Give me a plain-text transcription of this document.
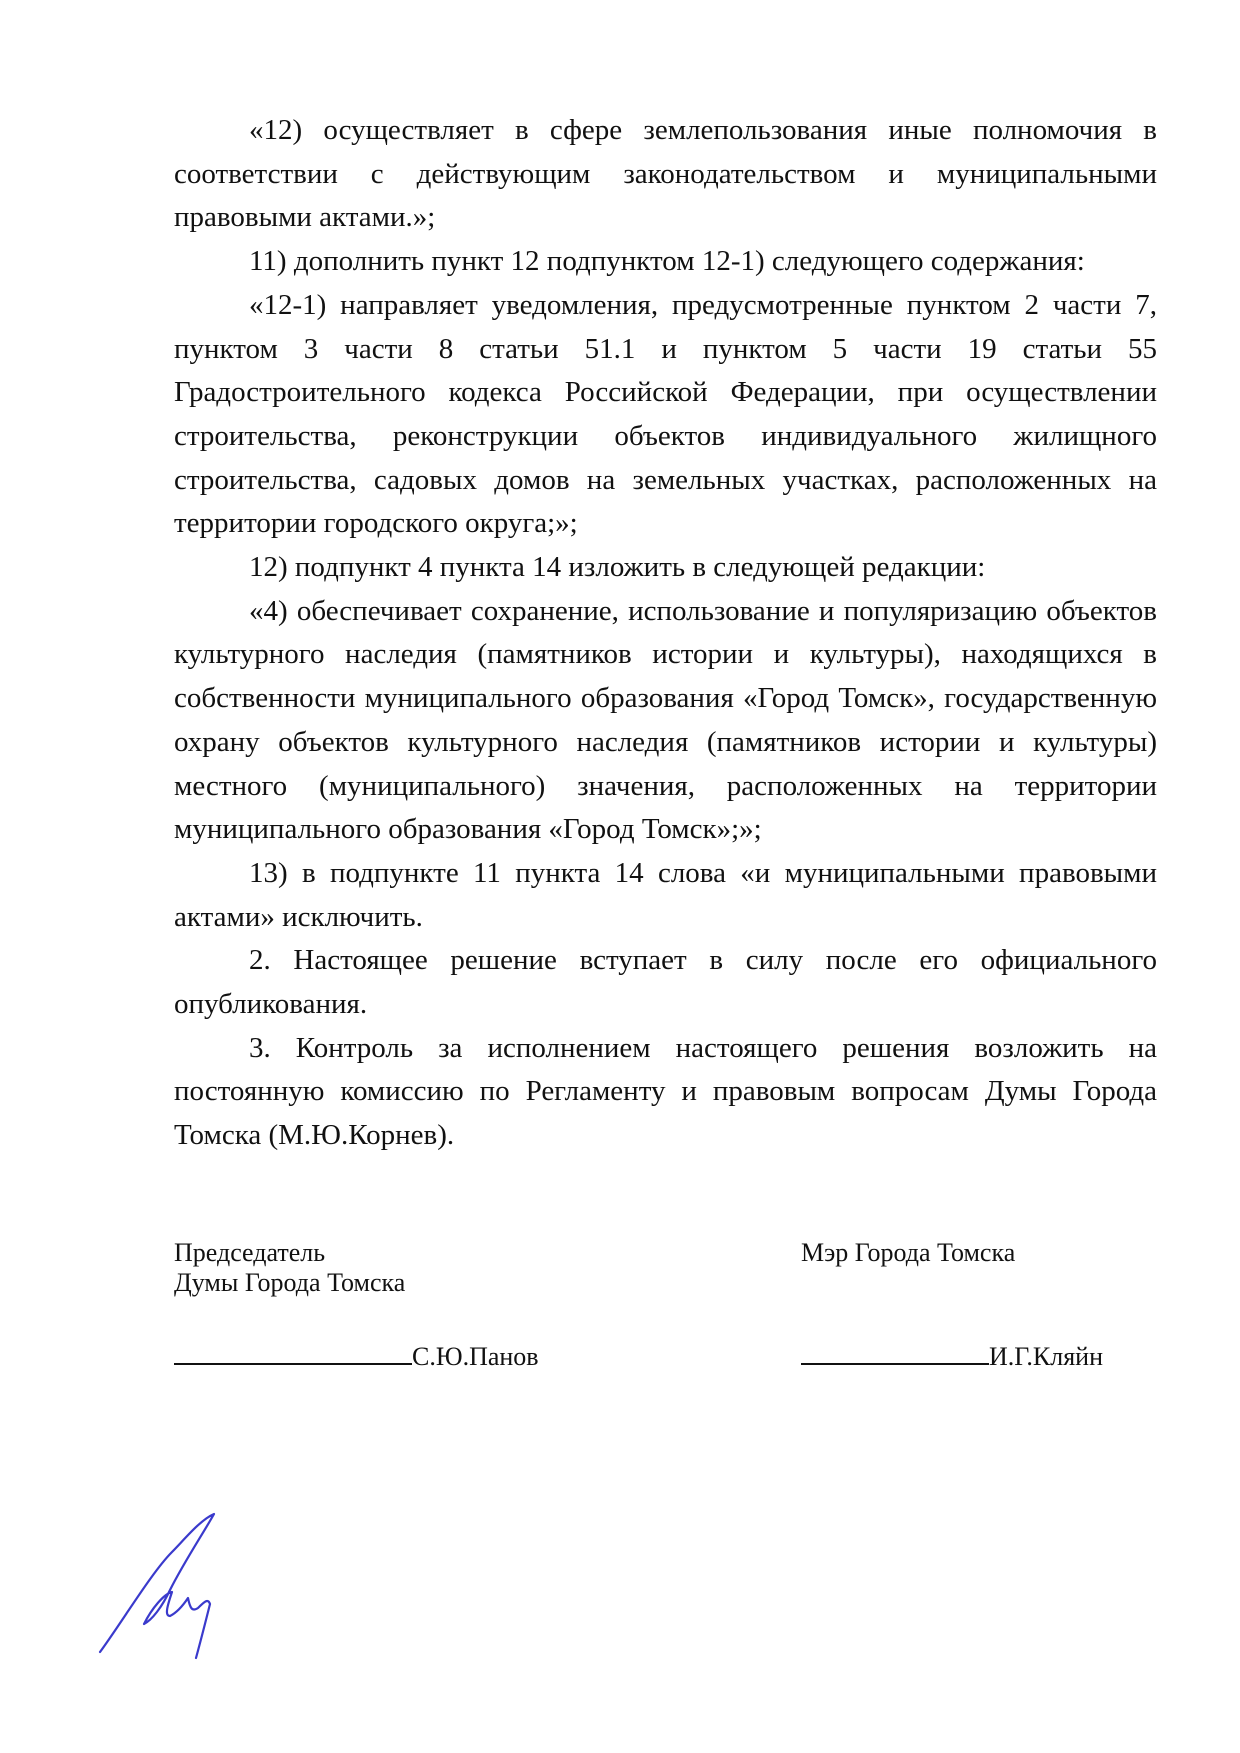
«12) осуществляет в сфере землепользования иные полномочия в соответствии с действующим законодательством и муниципальными правовыми актами.»;

11) дополнить пункт 12 подпунктом 12-1) следующего содержания:

«12-1) направляет уведомления, предусмотренные пунктом 2 части 7, пунктом 3 части 8 статьи 51.1 и пунктом 5 части 19 статьи 55 Градостроительного кодекса Российской Федерации, при осуществлении строительства, реконструкции объектов индивидуального жилищного строительства, садовых домов на земельных участках, расположенных на территории городского округа;»;

12) подпункт 4 пункта 14 изложить в следующей редакции:

«4) обеспечивает сохранение, использование и популяризацию объектов культурного наследия (памятников истории и культуры), находящихся в собственности муниципального образования «Город Томск», государственную охрану объектов культурного наследия (памятников истории и культуры) местного (муниципального) значения, расположенных на территории муниципального образования «Город Томск»;»;

13) в подпункте 11 пункта 14 слова «и муниципальными правовыми актами» исключить.

2. Настоящее решение вступает в силу после его официального опубликования.

3. Контроль за исполнением настоящего решения возложить на постоянную комиссию по Регламенту и правовым вопросам Думы Города Томска (М.Ю.Корнев).

Председатель
Думы Города Томска
С.Ю.Панов
Мэр Города Томска

И.Г.Кляйн
